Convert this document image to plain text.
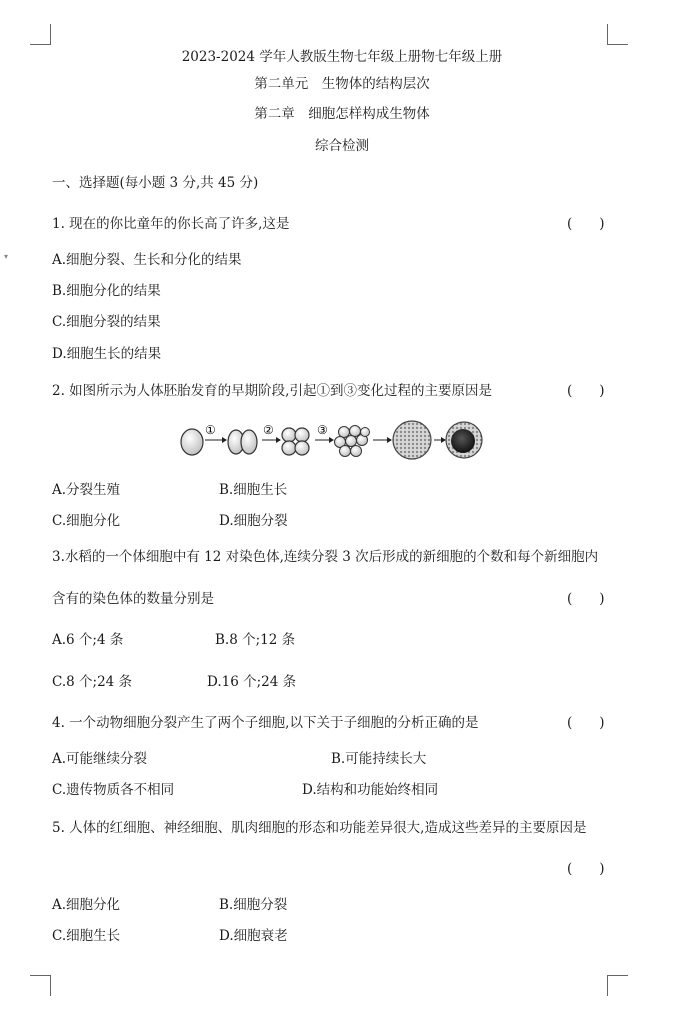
▾
2023-2024 学年人教版生物七年级上册物七年级上册
第二单元　生物体的结构层次
第二章　细胞怎样构成生物体
综合检测
一、选择题(每小题 3 分,共 45 分)
1. 现在的你比童年的你长高了许多,这是	(　　)
A.细胞分裂、生长和分化的结果
B.细胞分化的结果
C.细胞分裂的结果
D.细胞生长的结果
2. 如图所示为人体胚胎发育的早期阶段,引起①到③变化过程的主要原因是	(　　)
①	②	③
A.分裂生殖	B.细胞生长
C.细胞分化	D.细胞分裂
3.水稻的一个体细胞中有 12 对染色体,连续分裂 3 次后形成的新细胞的个数和每个新细胞内
含有的染色体的数量分别是	(　　)
A.6 个;4 条	B.8 个;12 条
C.8 个;24 条	D.16 个;24 条
4. 一个动物细胞分裂产生了两个子细胞,以下关于子细胞的分析正确的是	(　　)
A.可能继续分裂	B.可能持续长大
C.遗传物质各不相同	D.结构和功能始终相同
5. 人体的红细胞、神经细胞、肌肉细胞的形态和功能差异很大,造成这些差异的主要原因是
(　　)
A.细胞分化	B.细胞分裂
C.细胞生长	D.细胞衰老
